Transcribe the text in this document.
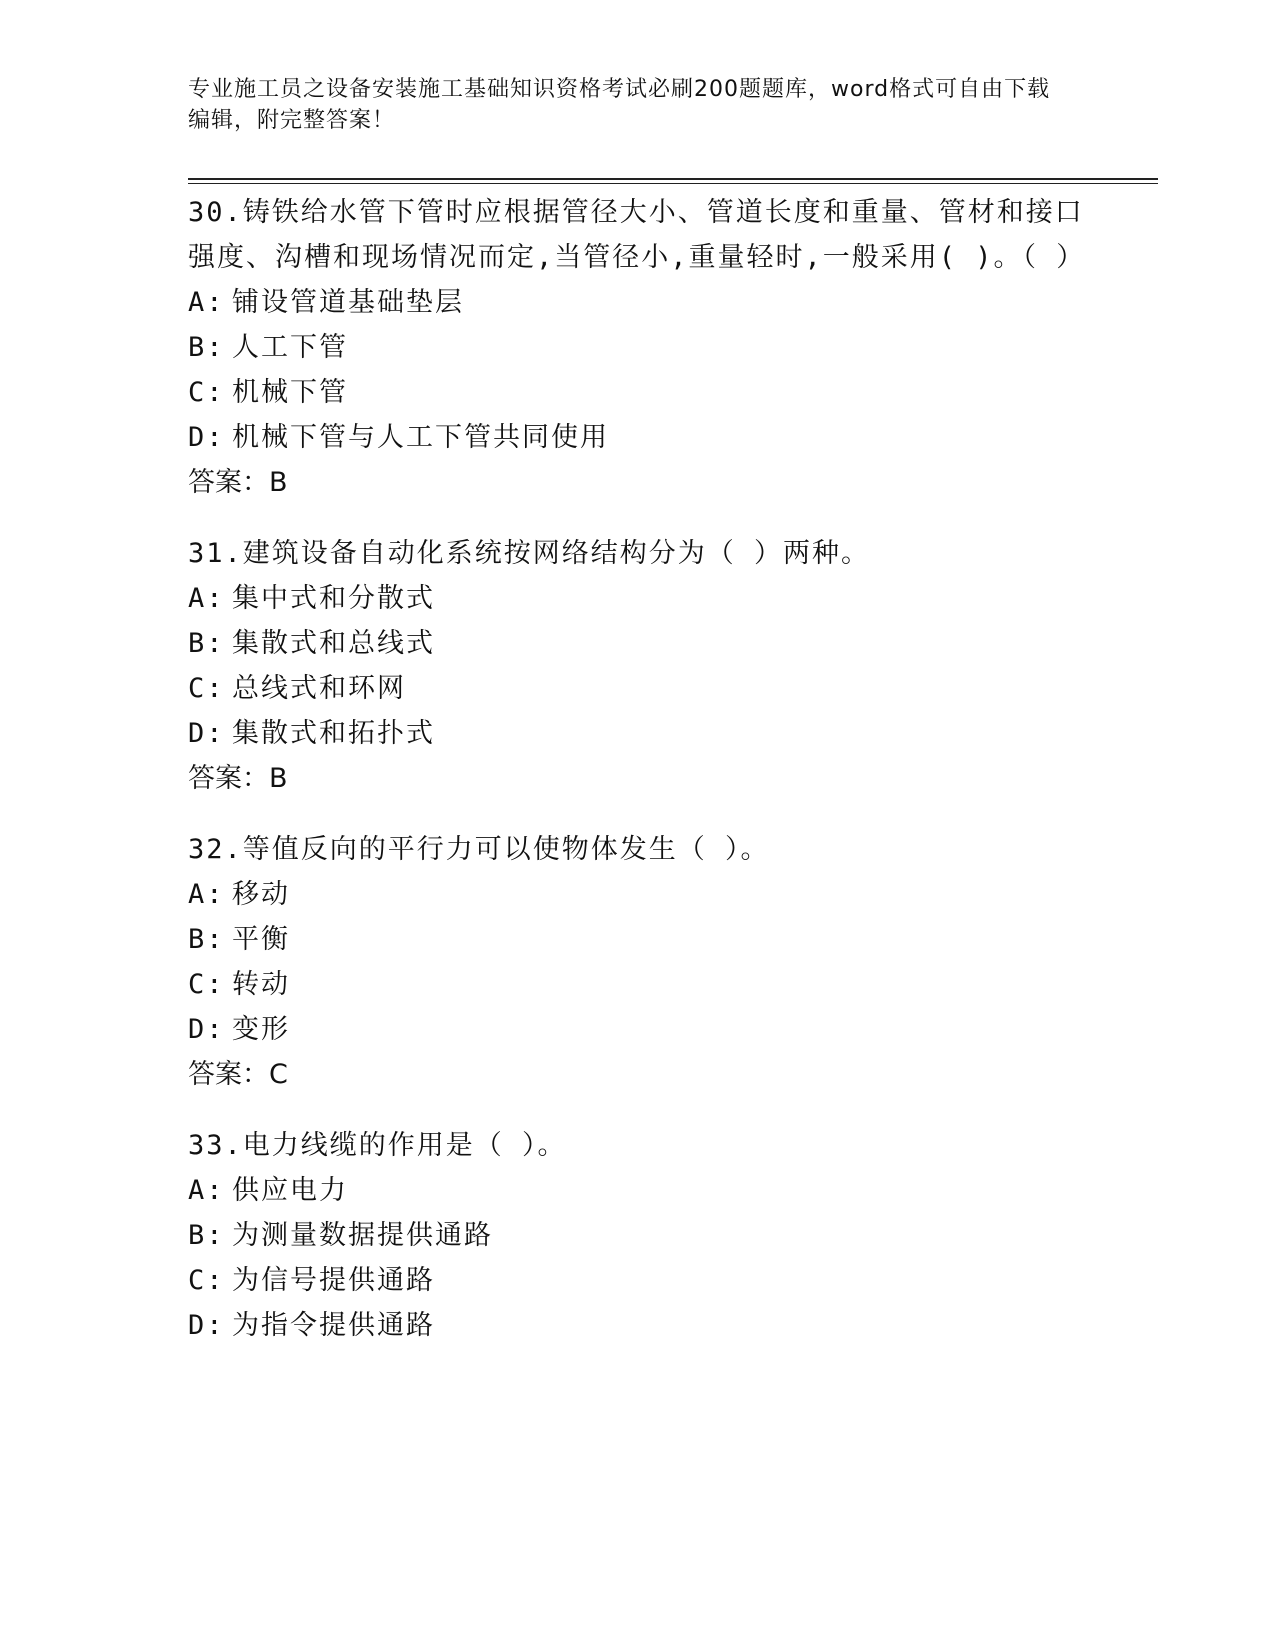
专业施工员之设备安装施工基础知识资格考试必刷200题题库，word格式可自由下载编辑，附完整答案！
30.铸铁给水管下管时应根据管径大小、管道长度和重量、管材和接口强度、沟槽和现场情况而定,当管径小,重量轻时,一般采用( )。（ ）
A: 铺设管道基础垫层
B: 人工下管
C: 机械下管
D: 机械下管与人工下管共同使用
答案：B
31.建筑设备自动化系统按网络结构分为（ ）两种。
A: 集中式和分散式
B: 集散式和总线式
C: 总线式和环网
D: 集散式和拓扑式
答案：B
32.等值反向的平行力可以使物体发生（ ）。
A: 移动
B: 平衡
C: 转动
D: 变形
答案：C
33.电力线缆的作用是（ ）。
A: 供应电力
B: 为测量数据提供通路
C: 为信号提供通路
D: 为指令提供通路
